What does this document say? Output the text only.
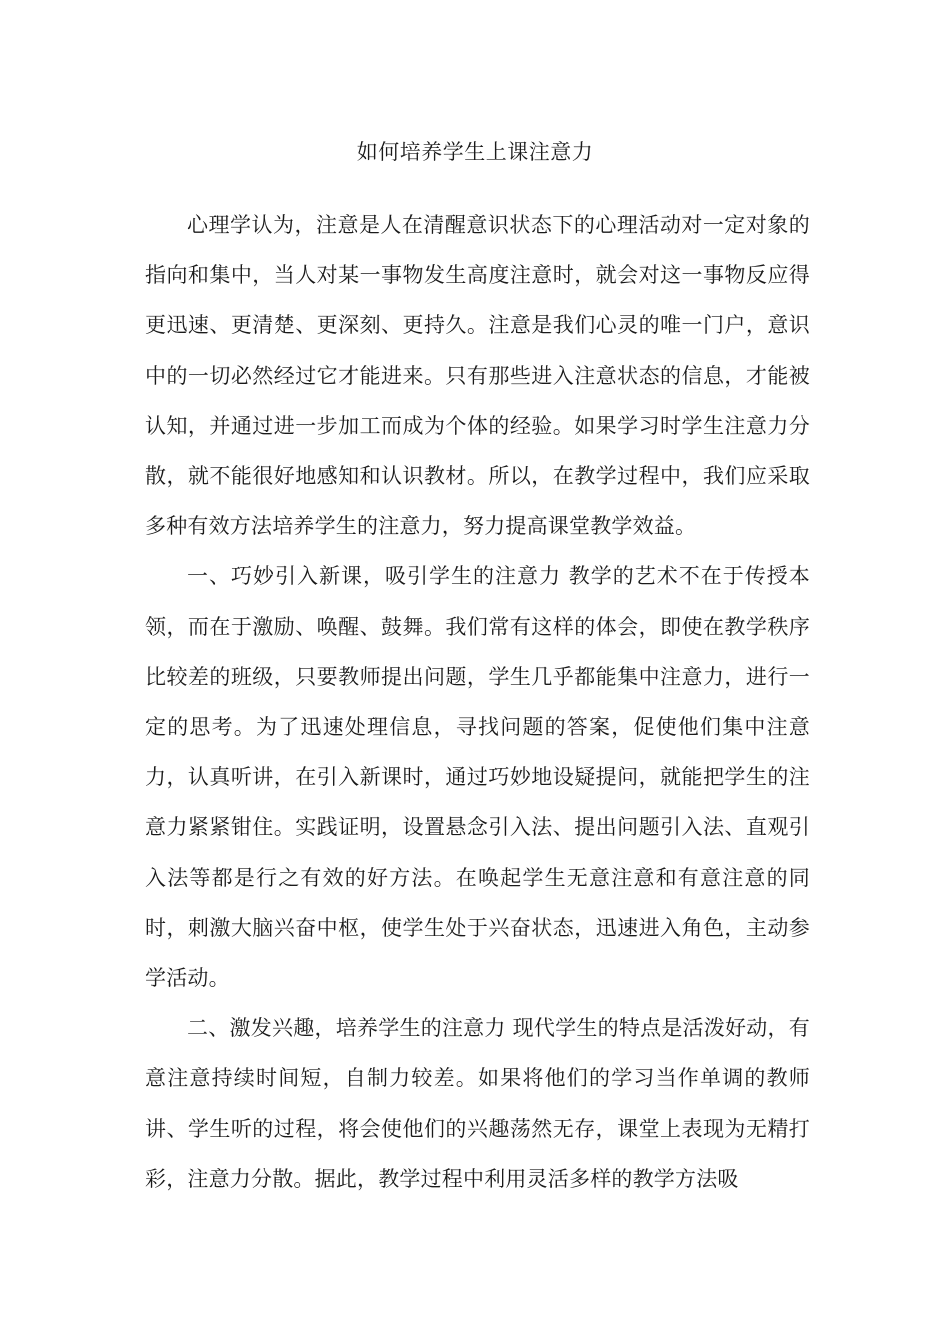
如何培养学生上课注意力

心理学认为，注意是人在清醒意识状态下的心理活动对一定对象的指向和集中，当人对某一事物发生高度注意时，就会对这一事物反应得更迅速、更清楚、更深刻、更持久。注意是我们心灵的唯一门户，意识中的一切必然经过它才能进来。只有那些进入注意状态的信息，才能被认知，并通过进一步加工而成为个体的经验。如果学习时学生注意力分散，就不能很好地感知和认识教材。所以，在教学过程中，我们应采取多种有效方法培养学生的注意力，努力提高课堂教学效益。

一、巧妙引入新课，吸引学生的注意力 教学的艺术不在于传授本领，而在于激励、唤醒、鼓舞。我们常有这样的体会，即使在教学秩序比较差的班级，只要教师提出问题，学生几乎都能集中注意力，进行一定的思考。为了迅速处理信息，寻找问题的答案，促使他们集中注意力，认真听讲，在引入新课时，通过巧妙地设疑提问，就能把学生的注意力紧紧钳住。实践证明，设置悬念引入法、提出问题引入法、直观引入法等都是行之有效的好方法。在唤起学生无意注意和有意注意的同时，刺激大脑兴奋中枢，使学生处于兴奋状态，迅速进入角色，主动参学活动。

二、激发兴趣，培养学生的注意力 现代学生的特点是活泼好动，有意注意持续时间短，自制力较差。如果将他们的学习当作单调的教师讲、学生听的过程，将会使他们的兴趣荡然无存，课堂上表现为无精打彩，注意力分散。据此，教学过程中利用灵活多样的教学方法吸
